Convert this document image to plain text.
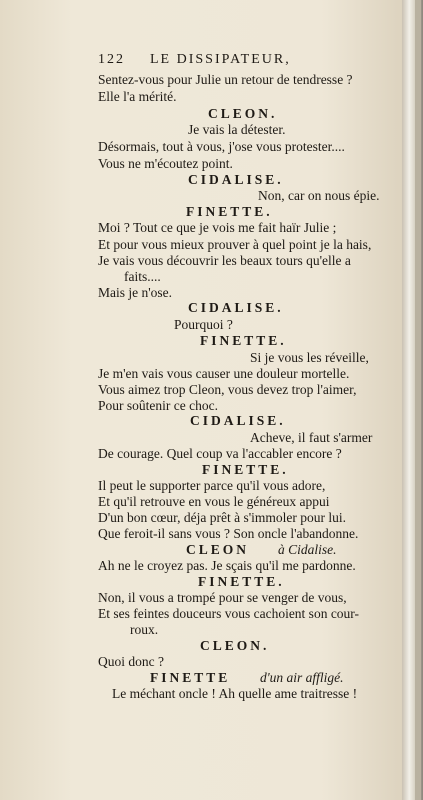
122 LE DISSIPATEUR,
Sentez-vous pour Julie un retour de tendresse ?
Elle l'a mérité.
CLEON.
Je vais la détester.
Désormais, tout à vous, j'ose vous protester....
Vous ne m'écoutez point.
CIDALISE.
Non, car on nous épie.
FINETTE.
Moi ? Tout ce que je vois me fait haïr Julie ;
Et pour vous mieux prouver à quel point je la hais,
Je vais vous découvrir les beaux tours qu'elle a
faits....
Mais je n'ose.
CIDALISE.
Pourquoi ?
FINETTE.
Si je vous les réveille,
Je m'en vais vous causer une douleur mortelle.
Vous aimez trop Cleon, vous devez trop l'aimer,
Pour soûtenir ce choc.
CIDALISE.
Acheve, il faut s'armer
De courage. Quel coup va l'accabler encore ?
FINETTE.
Il peut le supporter parce qu'il vous adore,
Et qu'il retrouve en vous le généreux appui
D'un bon cœur, déja prêt à s'immoler pour lui.
Que feroit-il sans vous ? Son oncle l'abandonne.
CLEON à Cidalise.
Ah ne le croyez pas. Je sçais qu'il me pardonne.
FINETTE.
Non, il vous a trompé pour se venger de vous,
Et ses feintes douceurs vous cachoient son cour-
roux.
CLEON.
Quoi donc ?
FINETTE d'un air affligé.
Le méchant oncle ! Ah quelle ame traitresse !
